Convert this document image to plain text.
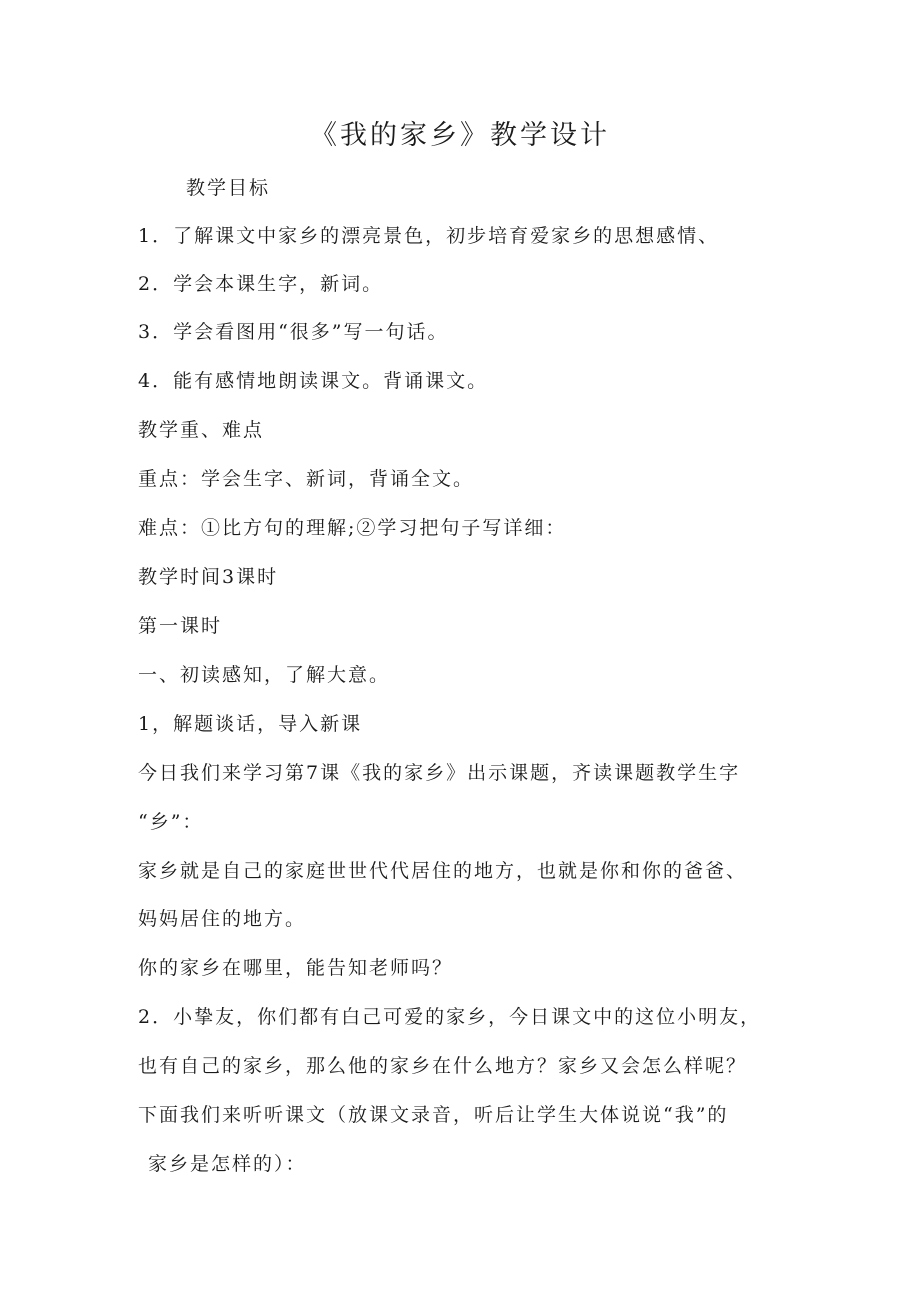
《我的家乡》教学设计
教学目标
1．了解课文中家乡的漂亮景色，初步培育爱家乡的思想感情、
2．学会本课生字，新词。
3．学会看图用“很多”写一句话。
4．能有感情地朗读课文。背诵课文。
教学重、难点
重点：学会生字、新词，背诵全文。
难点：①比方句的理解;②学习把句子写详细：
教学时间3课时
第一课时
一、初读感知，了解大意。
1，解题谈话，导入新课
今日我们来学习第7课《我的家乡》出示课题，齐读课题教学生字
“乡”：
家乡就是自己的家庭世世代代居住的地方，也就是你和你的爸爸、
妈妈居住的地方。
你的家乡在哪里，能告知老师吗？
2．小挚友，你们都有白己可爱的家乡，今日课文中的这位小明友，
也有自己的家乡，那么他的家乡在什么地方？家乡又会怎么样呢？
下面我们来听听课文（放课文录音，听后让学生大体说说“我”的
家乡是怎样的）：
